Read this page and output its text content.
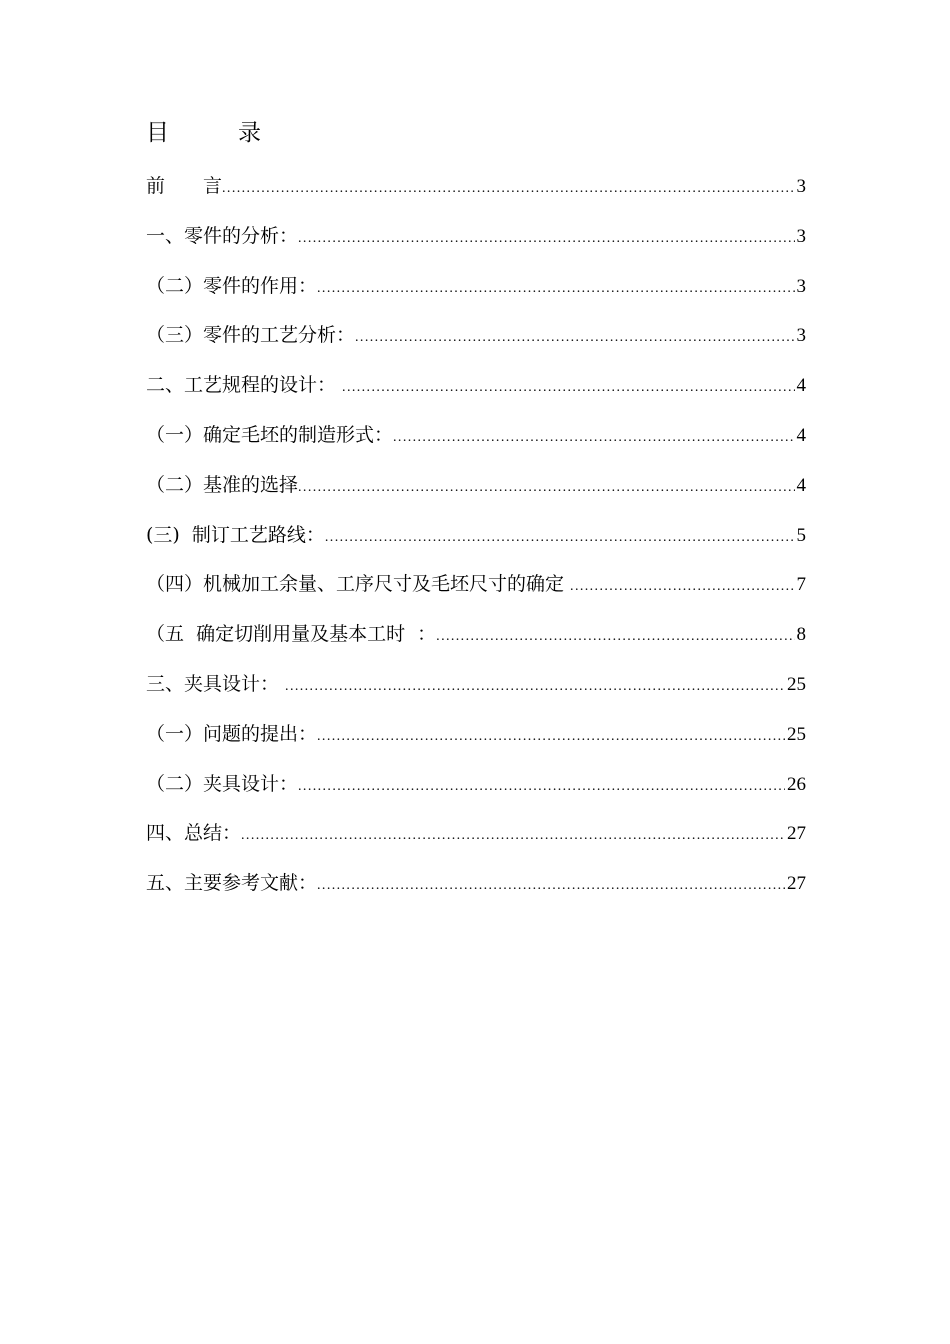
目　　　录
前　　言 .....	3
一、零件的分析： .....	3
（二）零件的作用： .....	3
（三）零件的工艺分析： .....	3
二、工艺规程的设计： .....	4
（一）确定毛坯的制造形式： .....	4
（二）基准的选择 .....	4
(三)  制订工艺路线： .....	5
（四）机械加工余量、工序尺寸及毛坯尺寸的确定 .....	7
（五  确定切削用量及基本工时  ： .....	8
三、夹具设计： .....	25
（一）问题的提出： .....	25
（二）夹具设计： .....	26
四、总结： .....	27
五、主要参考文献： .....	27
